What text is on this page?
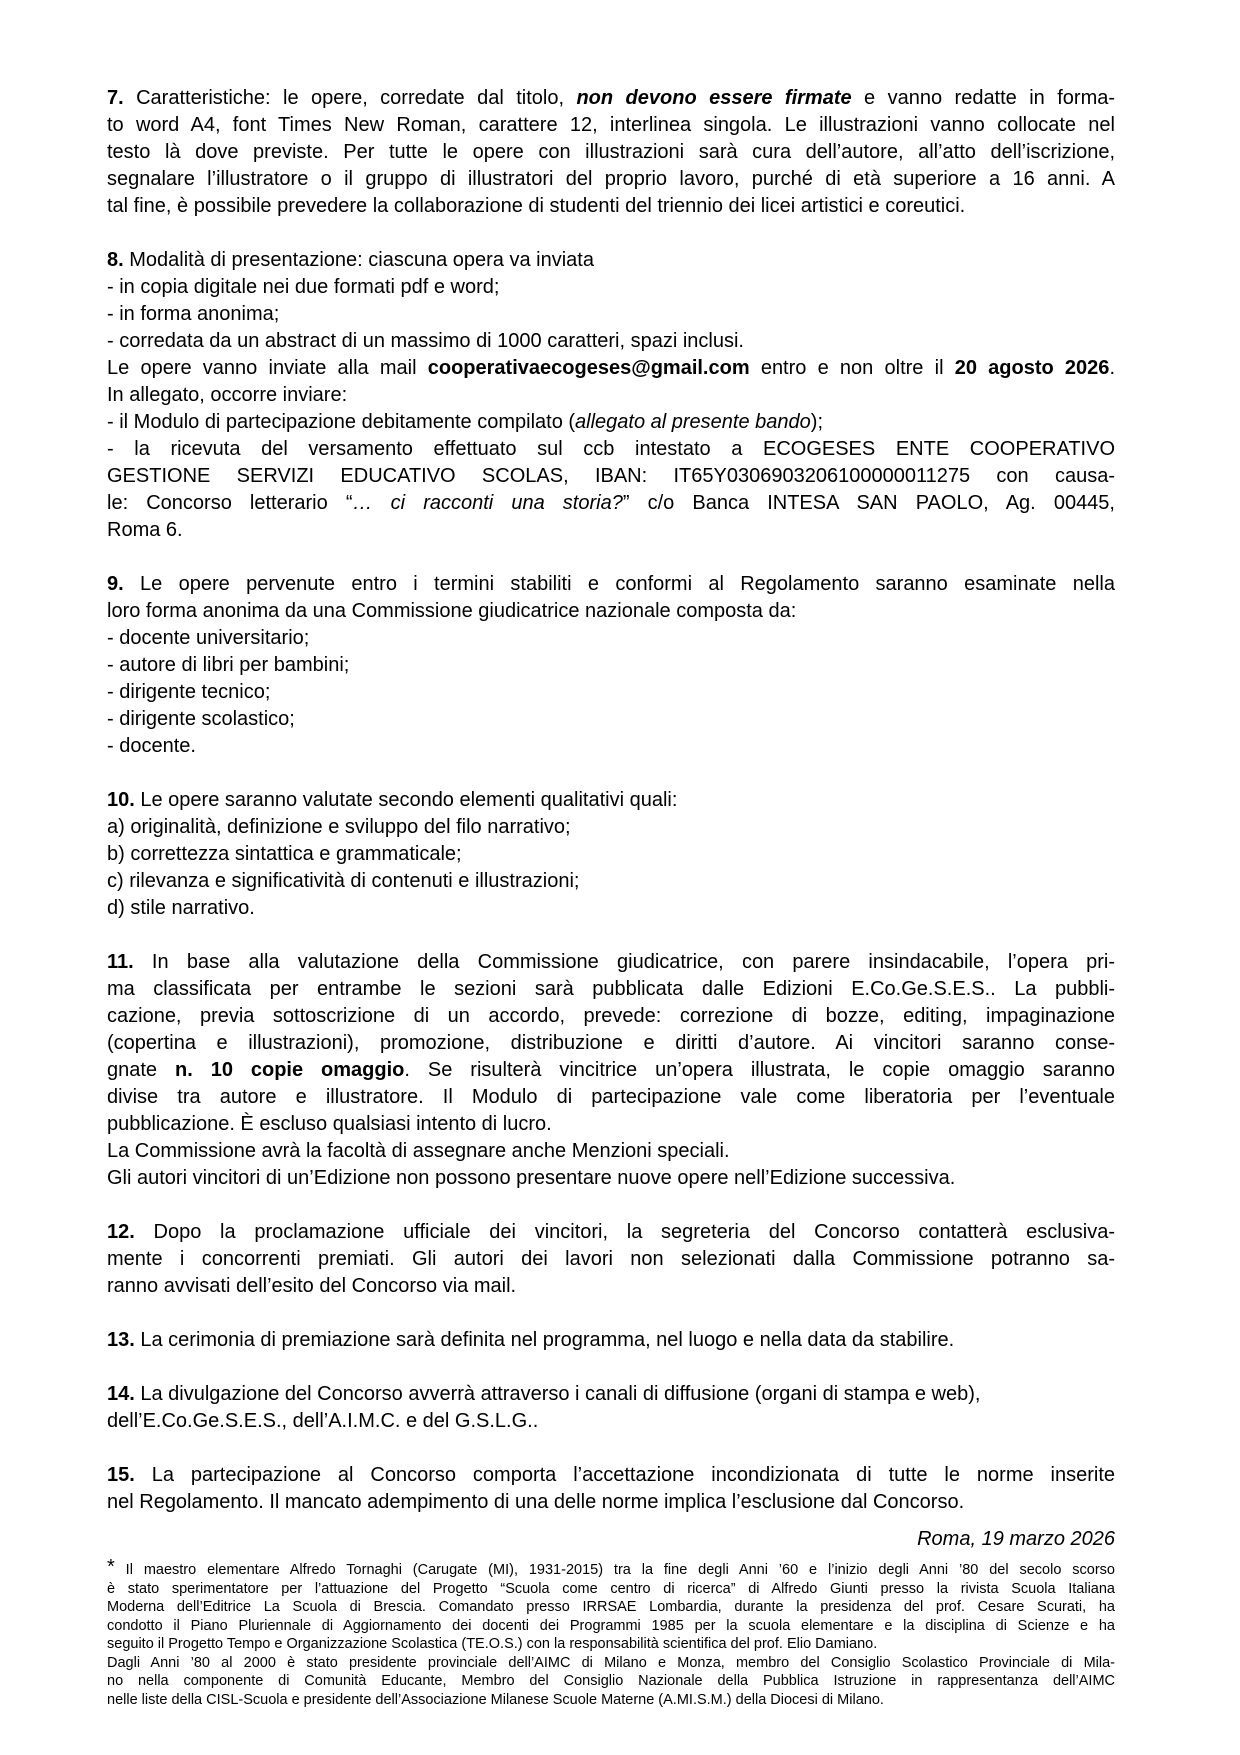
7. Caratteristiche: le opere, corredate dal titolo, non devono essere firmate e vanno redatte in forma-
to word A4, font Times New Roman, carattere 12, interlinea singola. Le illustrazioni vanno collocate nel
testo là dove previste. Per tutte le opere con illustrazioni sarà cura dell’autore, all’atto dell’iscrizione,
segnalare l’illustratore o il gruppo di illustratori del proprio lavoro, purché di età superiore a 16 anni. A
tal fine, è possibile prevedere la collaborazione di studenti del triennio dei licei artistici e coreutici.
8. Modalità di presentazione: ciascuna opera va inviata
- in copia digitale nei due formati pdf e word;
- in forma anonima;
- corredata da un abstract di un massimo di 1000 caratteri, spazi inclusi.
Le opere vanno inviate alla mail cooperativaecogeses@gmail.com entro e non oltre il 20 agosto 2026.
In allegato, occorre inviare:
- il Modulo di partecipazione debitamente compilato (allegato al presente bando);
- la ricevuta del versamento effettuato sul ccb intestato a ECOGESES ENTE COOPERATIVO
GESTIONE SERVIZI EDUCATIVO SCOLAS, IBAN: IT65Y0306903206100000011275 con causa-
le: Concorso letterario “… ci racconti una storia?” c/o Banca INTESA SAN PAOLO, Ag. 00445,
Roma 6.
9. Le opere pervenute entro i termini stabiliti e conformi al Regolamento saranno esaminate nella
loro forma anonima da una Commissione giudicatrice nazionale composta da:
- docente universitario;
- autore di libri per bambini;
- dirigente tecnico;
- dirigente scolastico;
- docente.
10. Le opere saranno valutate secondo elementi qualitativi quali:
a) originalità, definizione e sviluppo del filo narrativo;
b) correttezza sintattica e grammaticale;
c) rilevanza e significatività di contenuti e illustrazioni;
d) stile narrativo.
11. In base alla valutazione della Commissione giudicatrice, con parere insindacabile, l’opera pri-
ma classificata per entrambe le sezioni sarà pubblicata dalle Edizioni E.Co.Ge.S.E.S.. La pubbli-
cazione, previa sottoscrizione di un accordo, prevede: correzione di bozze, editing, impaginazione
(copertina e illustrazioni), promozione, distribuzione e diritti d’autore. Ai vincitori saranno conse-
gnate n. 10 copie omaggio. Se risulterà vincitrice un’opera illustrata, le copie omaggio saranno
divise tra autore e illustratore. Il Modulo di partecipazione vale come liberatoria per l’eventuale
pubblicazione. È escluso qualsiasi intento di lucro.
La Commissione avrà la facoltà di assegnare anche Menzioni speciali.
Gli autori vincitori di un’Edizione non possono presentare nuove opere nell’Edizione successiva.
12. Dopo la proclamazione ufficiale dei vincitori, la segreteria del Concorso contatterà esclusiva-
mente i concorrenti premiati. Gli autori dei lavori non selezionati dalla Commissione potranno sa-
ranno avvisati dell’esito del Concorso via mail.
13. La cerimonia di premiazione sarà definita nel programma, nel luogo e nella data da stabilire.
14. La divulgazione del Concorso avverrà attraverso i canali di diffusione (organi di stampa e web),
dell’E.Co.Ge.S.E.S., dell’A.I.M.C. e del G.S.L.G..
15. La partecipazione al Concorso comporta l’accettazione incondizionata di tutte le norme inserite
nel Regolamento. Il mancato adempimento di una delle norme implica l’esclusione dal Concorso.
Roma, 19 marzo 2026
* Il maestro elementare Alfredo Tornaghi (Carugate (MI), 1931-2015) tra la fine degli Anni ’60 e l’inizio degli Anni ’80 del secolo scorso
è stato sperimentatore per l’attuazione del Progetto “Scuola come centro di ricerca” di Alfredo Giunti presso la rivista Scuola Italiana
Moderna dell’Editrice La Scuola di Brescia. Comandato presso IRRSAE Lombardia, durante la presidenza del prof. Cesare Scurati, ha
condotto il Piano Pluriennale di Aggiornamento dei docenti dei Programmi 1985 per la scuola elementare e la disciplina di Scienze e ha
seguito il Progetto Tempo e Organizzazione Scolastica (TE.O.S.) con la responsabilità scientifica del prof. Elio Damiano.
Dagli Anni ’80 al 2000 è stato presidente provinciale dell’AIMC di Milano e Monza, membro del Consiglio Scolastico Provinciale di Mila-
no nella componente di Comunità Educante, Membro del Consiglio Nazionale della Pubblica Istruzione in rappresentanza dell’AIMC
nelle liste della CISL-Scuola e presidente dell’Associazione Milanese Scuole Materne (A.MI.S.M.) della Diocesi di Milano.
